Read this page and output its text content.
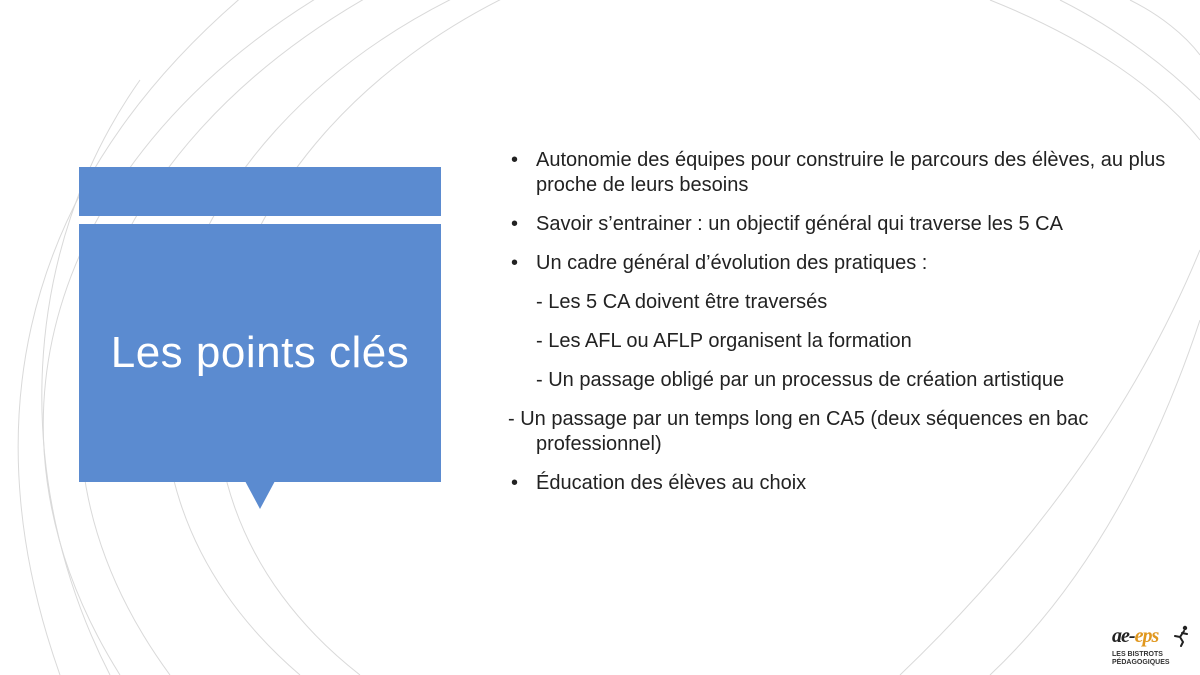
Les points clés
• Autonomie des équipes pour construire le parcours des élèves, au plus proche de leurs besoins
• Savoir s’entrainer : un objectif général qui traverse les 5 CA
• Un cadre général d’évolution des pratiques :
- Les 5 CA doivent être traversés
- Les AFL ou AFLP organisent la formation
- Un passage obligé par un processus de création artistique
- Un passage par un temps long en CA5 (deux séquences en bac professionnel)
• Éducation des élèves au choix
ae-eps
LES BISTROTS
PÉDAGOGIQUES
